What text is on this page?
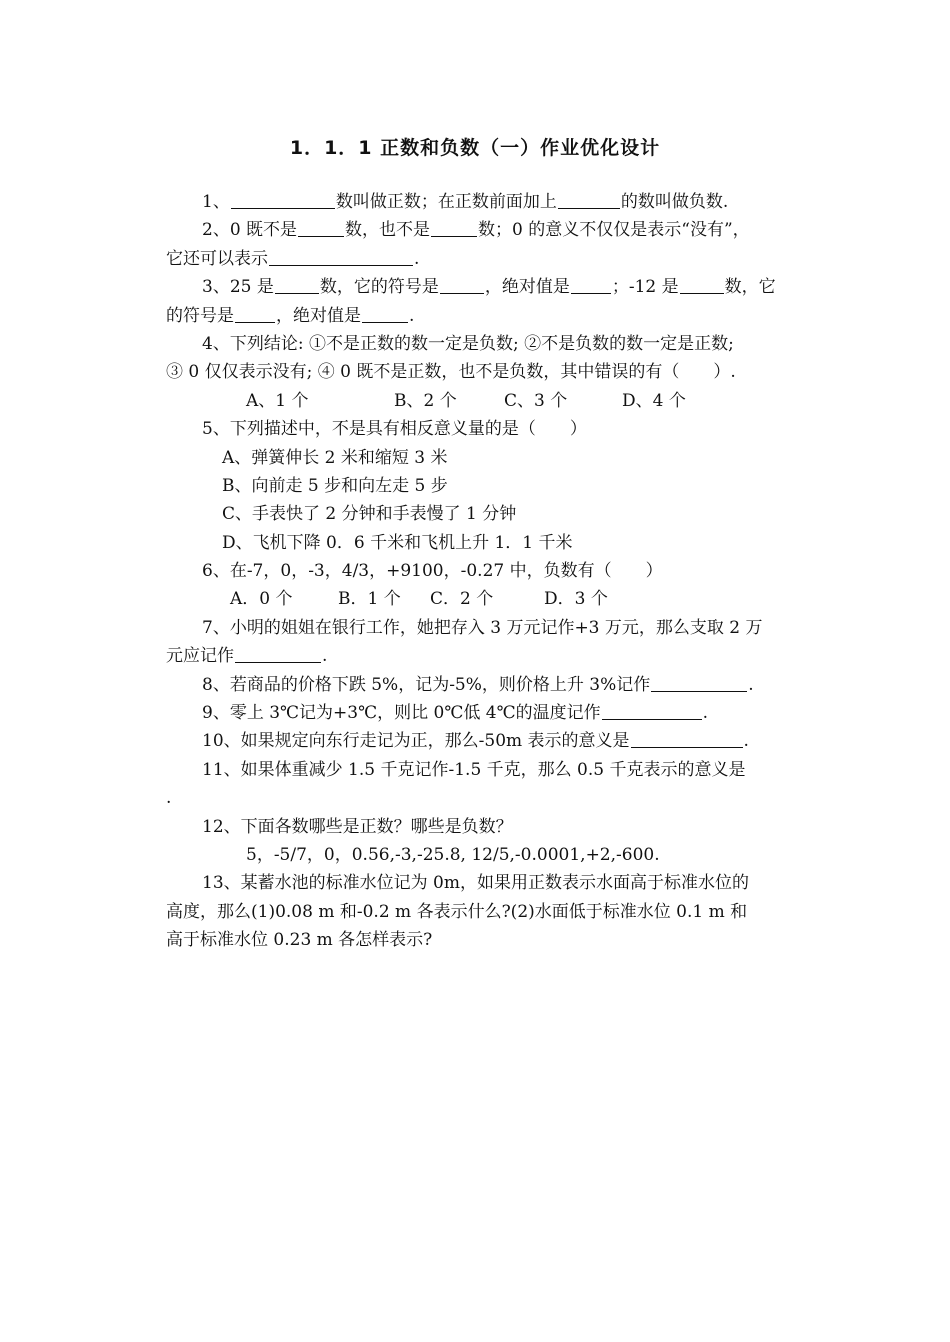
1．1．1 正数和负数（一）作业优化设计
1、	数叫做正数；在正数前面加上	的数叫做负数.
2、0 既不是	数，也不是	数；0 的意义不仅仅是表示“没有”，
它还可以表示	.
3、25 是	数，它的符号是	，绝对值是 ；-12 是	数，它
的符号是 ，绝对值是	.
4、下列结论: ①不是正数的数一定是负数; ②不是负数的数一定是正数;
③ 0 仅仅表示没有; ④ 0 既不是正数，也不是负数，其中错误的有（　　）.
A、1 个	B、2 个	C、3 个	D、4 个
5、下列描述中，不是具有相反意义量的是（　　）
A、弹簧伸长 2 米和缩短 3 米
B、向前走 5 步和向左走 5 步
C、手表快了 2 分钟和手表慢了 1 分钟
D、飞机下降 0．6 千米和飞机上升 1．1 千米
6、在-7，0，-3，4/3，+9100，-0.27 中，负数有（　　）
A．0 个	B．1 个 C．2 个	D．3 个
7、小明的姐姐在银行工作，她把存入 3 万元记作+3 万元，那么支取 2 万
元应记作	.
8、若商品的价格下跌 5%，记为-5%，则价格上升 3%记作	.
9、零上 3℃记为+3℃，则比 0℃低 4℃的温度记作	.
10、如果规定向东行走记为正，那么-50m 表示的意义是	.
11、如果体重减少 1.5 千克记作-1.5 千克，那么 0.5 千克表示的意义是
.
12、下面各数哪些是正数？哪些是负数？
5，-5/7，0，0.56,-3,-25.8, 12/5,-0.0001,+2,-600.
13、某蓄水池的标准水位记为 0m，如果用正数表示水面高于标准水位的
高度，那么(1)0.08 m 和-0.2 m 各表示什么?(2)水面低于标准水位 0.1 m 和
高于标准水位 0.23 m 各怎样表示?
